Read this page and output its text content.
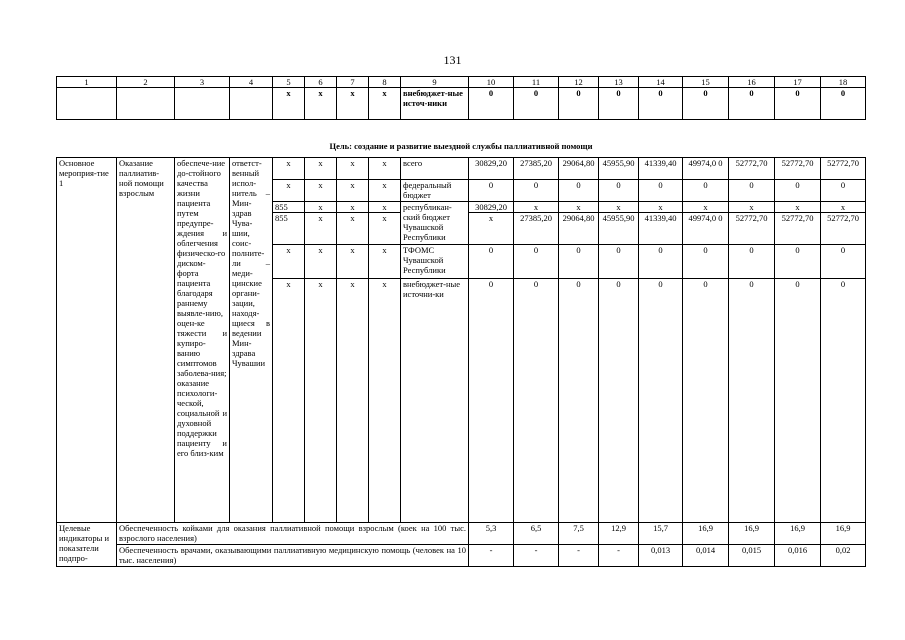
131
1	2	3	4	5	6	7	8	9	10	11	12	13	14	15	16	17	18
				х	х	х	х	внебюджет-ные источ-ники	0	0	0	0	0	0	0	0	0
Цель: создание и развитие выездной службы паллиативной помощи																	
Основное мероприя-тие 1	Оказание паллиатив-ной помощи взрослым	обеспече-ние до-стойного качества жизни пациента путем предупре-ждения и облегчения физическо-го диском-форта пациента благодаря раннему выявле-нию, оцен-ке тяжести и купиро-ванию симптомов заболева-ния; оказание психологи-ческой, социальной и духовной поддержки пациенту и его близ-ким	ответст-венный испол-нитель – Мин-здрав Чува-шии, соис-полните-ли – меди-цинские органи-зации, находя-щиеся в ведении Мин-здрава Чувашии	х	х	х	х	всего	30829,20	27385,20	29064,80	45955,90	41339,40	49974,0 0	52772,70	52772,70	52772,70
				х	х	х	х	федеральный бюджет	0	0	0	0	0	0	0	0	0
				855	х	х	х	республикан-ский бюджет Чувашской Республики	30829,20	х	х	х	х	х	х	х	х
				855	х	х	х		х	27385,20	29064,80	45955,90	41339,40	49974,0 0	52772,70	52772,70	52772,70
				х	х	х	х	ТФОМС Чувашской Республики	0	0	0	0	0	0	0	0	0
				х	х	х	х	внебюджет-ные источни-ки	0	0	0	0	0	0	0	0	0
Целевые индикаторы и показатели подпро-	Обеспеченность койками для оказания паллиативной помощи взрослым (коек на 100 тыс. взрослого населения)								5,3	6,5	7,5	12,9	15,7	16,9	16,9	16,9	16,9
	Обеспеченность врачами, оказывающими паллиативную медицинскую помощь (человек на 10 тыс. населения)								-	-	-	-	0,013	0,014	0,015	0,016	0,02
